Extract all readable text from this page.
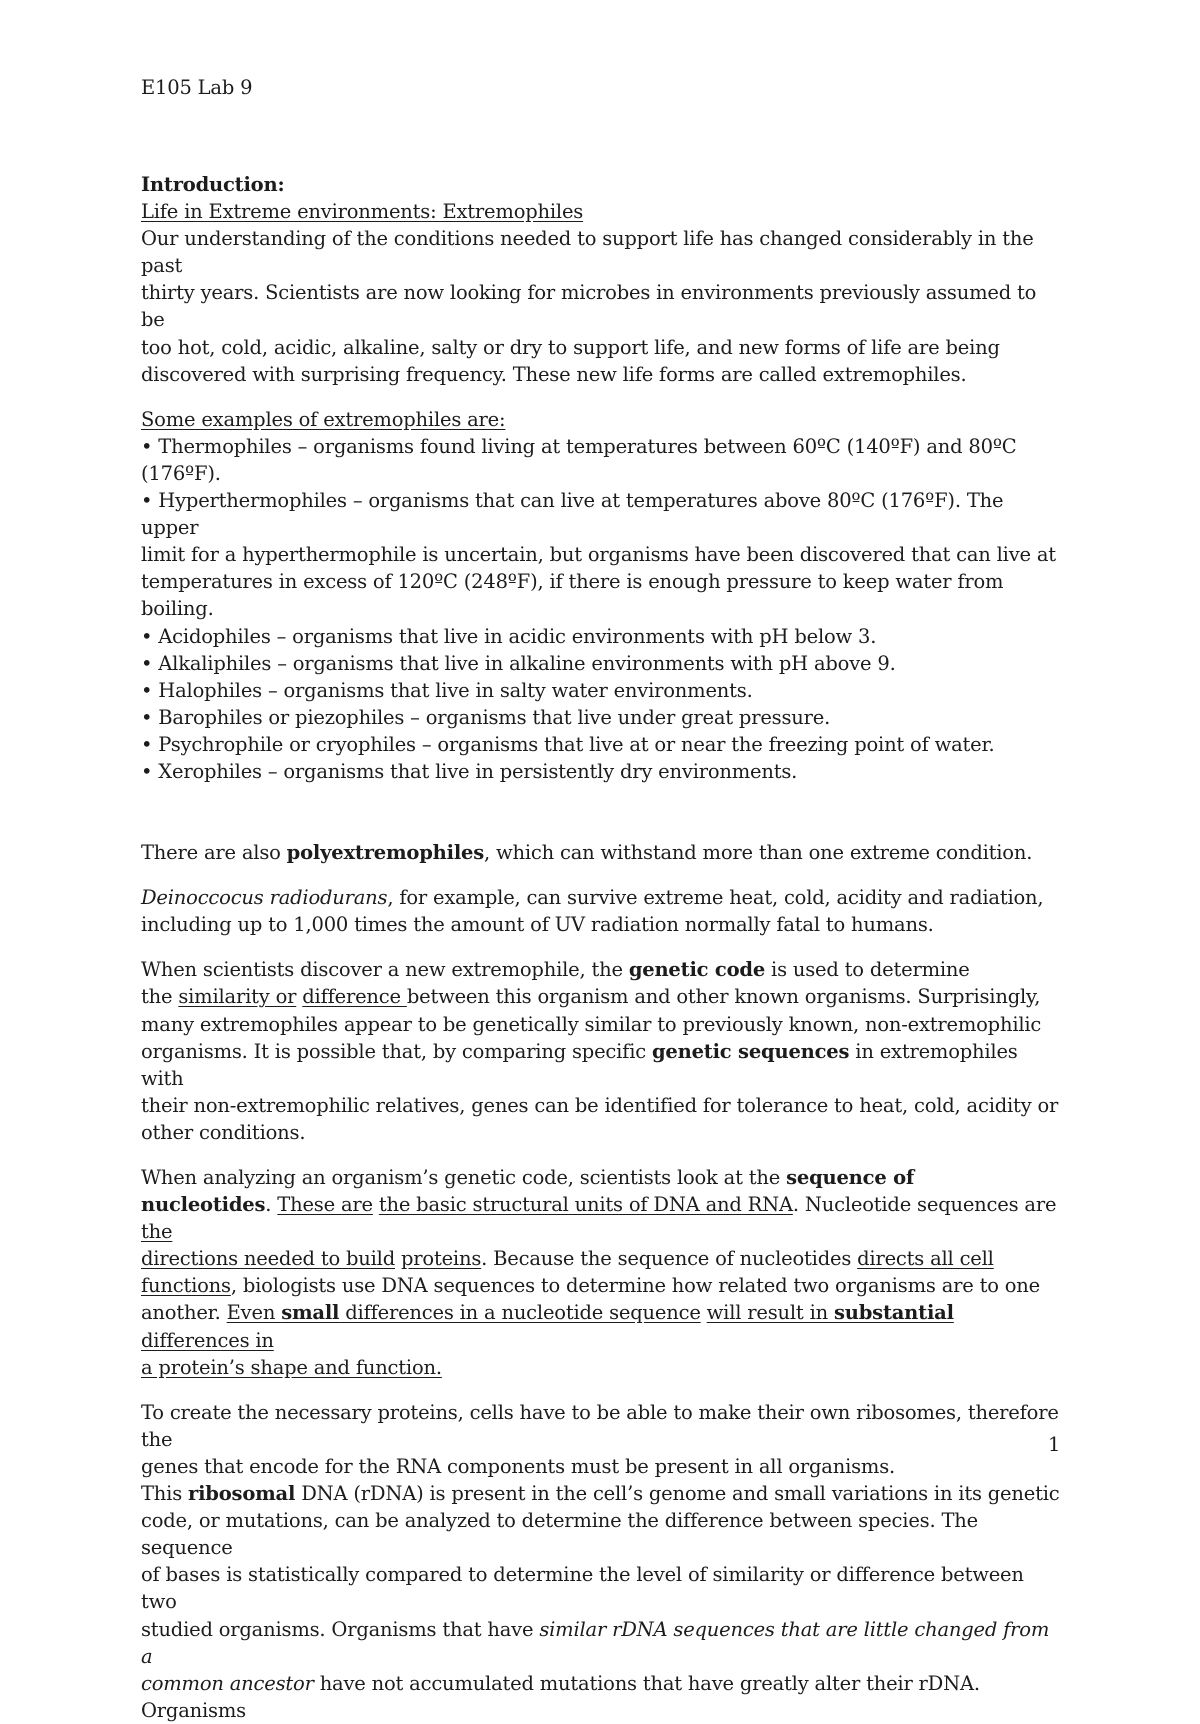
E105 Lab 9
Introduction:
Life in Extreme environments: Extremophiles
Our understanding of the conditions needed to support life has changed considerably in the past
thirty years. Scientists are now looking for microbes in environments previously assumed to be
too hot, cold, acidic, alkaline, salty or dry to support life, and new forms of life are being
discovered with surprising frequency. These new life forms are called extremophiles.
Some examples of extremophiles are:
• Thermophiles – organisms found living at temperatures between 60ºC (140ºF) and 80ºC
(176ºF).
• Hyperthermophiles – organisms that can live at temperatures above 80ºC (176ºF). The upper
limit for a hyperthermophile is uncertain, but organisms have been discovered that can live at
temperatures in excess of 120ºC (248ºF), if there is enough pressure to keep water from boiling.
• Acidophiles – organisms that live in acidic environments with pH below 3.
• Alkaliphiles – organisms that live in alkaline environments with pH above 9.
• Halophiles – organisms that live in salty water environments.
• Barophiles or piezophiles – organisms that live under great pressure.
• Psychrophile or cryophiles – organisms that live at or near the freezing point of water.
• Xerophiles – organisms that live in persistently dry environments.
There are also polyextremophiles, which can withstand more than one extreme condition.
Deinoccocus radiodurans, for example, can survive extreme heat, cold, acidity and radiation,
including up to 1,000 times the amount of UV radiation normally fatal to humans.
When scientists discover a new extremophile, the genetic code is used to determine
the similarity or difference between this organism and other known organisms. Surprisingly,
many extremophiles appear to be genetically similar to previously known, non-extremophilic
organisms. It is possible that, by comparing specific genetic sequences in extremophiles with
their non-extremophilic relatives, genes can be identified for tolerance to heat, cold, acidity or
other conditions.
When analyzing an organism’s genetic code, scientists look at the sequence of
nucleotides. These are the basic structural units of DNA and RNA. Nucleotide sequences are the
directions needed to build proteins. Because the sequence of nucleotides directs all cell
functions, biologists use DNA sequences to determine how related two organisms are to one
another. Even small differences in a nucleotide sequence will result in substantial differences in
a protein’s shape and function.
To create the necessary proteins, cells have to be able to make their own ribosomes, therefore the
genes that encode for the RNA components must be present in all organisms.
This ribosomal DNA (rDNA) is present in the cell’s genome and small variations in its genetic
code, or mutations, can be analyzed to determine the difference between species. The sequence
of bases is statistically compared to determine the level of similarity or difference between two
studied organisms. Organisms that have similar rDNA sequences that are little changed from a
common ancestor have not accumulated mutations that have greatly alter their rDNA. Organisms
1
